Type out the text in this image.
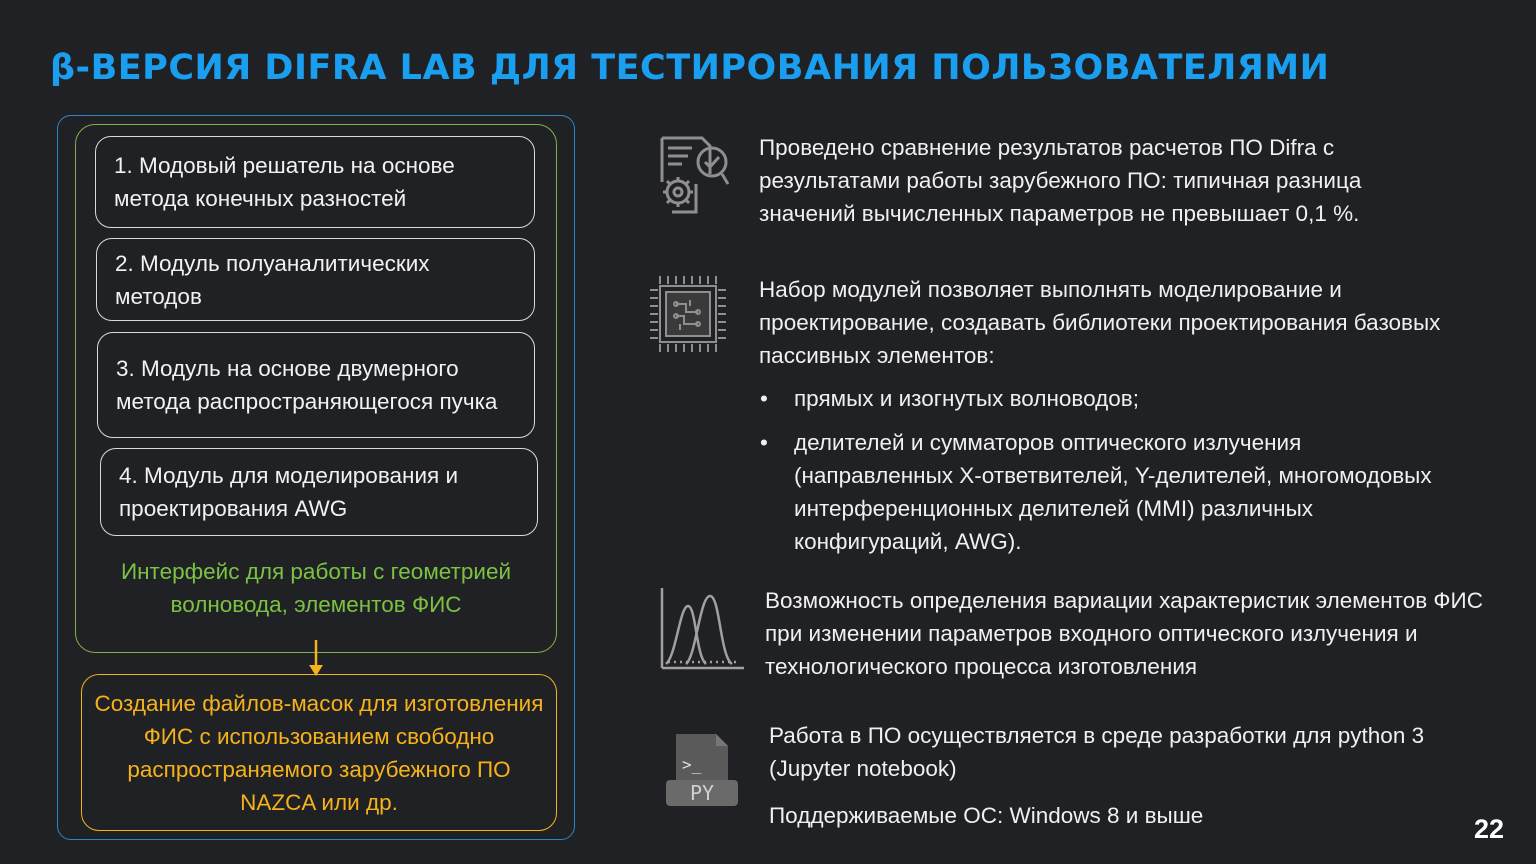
β-ВЕРСИЯ DIFRA LAB ДЛЯ ТЕСТИРОВАНИЯ ПОЛЬЗОВАТЕЛЯМИ
1. Модовый решатель на основе метода конечных разностей
2. Модуль полуаналитических методов
3. Модуль на основе двумерного метода распространяющегося пучка
4. Модуль для моделирования и проектирования AWG
Интерфейс для работы с геометрией волновода, элементов ФИС
Создание файлов-масок для изготовления ФИС с использованием свободно распространяемого зарубежного ПО NAZCA или др.
Проведено сравнение результатов расчетов ПО Difra с результатами работы зарубежного ПО: типичная разница значений вычисленных параметров не превышает 0,1 %.
Набор модулей позволяет выполнять моделирование и проектирование, создавать библиотеки проектирования базовых пассивных элементов:
• прямых и изогнутых волноводов;
• делителей и сумматоров оптического излучения (направленных X-ответвителей, Y-делителей, многомодовых интерференционных делителей (MMI) различных конфигураций, AWG).
Возможность определения вариации характеристик элементов ФИС при изменении параметров входного оптического излучения и технологического процесса изготовления
>_
PY
Работа в ПО осуществляется в среде разработки для python 3 (Jupyter notebook)
Поддерживаемые ОС: Windows 8 и выше	22
